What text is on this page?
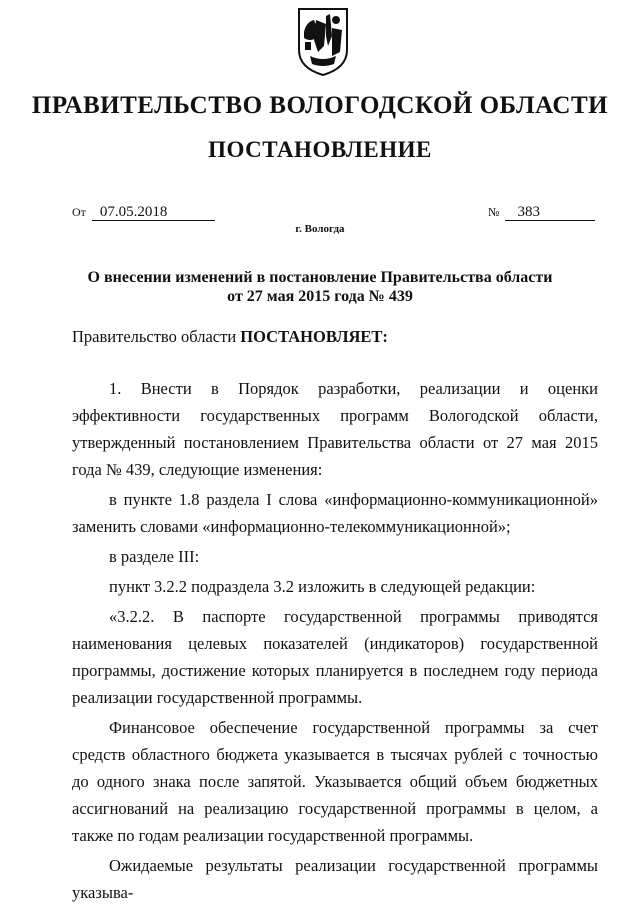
ПРАВИТЕЛЬСТВО ВОЛОГОДСКОЙ ОБЛАСТИ
ПОСТАНОВЛЕНИЕ
От 07.05.2018	№ 383
г. Вологда
О внесении изменений в постановление Правительства области
от 27 мая 2015 года № 439
Правительство области ПОСТАНОВЛЯЕТ:

1. Внести в Порядок разработки, реализации и оценки эффективности государственных программ Вологодской области, утвержденный постановлением Правительства области от 27 мая 2015 года № 439, следующие изменения:

в пункте 1.8 раздела I слова «информационно-коммуникационной» заменить словами «информационно-телекоммуникационной»;

в разделе III:

пункт 3.2.2 подраздела 3.2 изложить в следующей редакции:

«3.2.2. В паспорте государственной программы приводятся наименования целевых показателей (индикаторов) государственной программы, достижение которых планируется в последнем году периода реализации государственной программы.

Финансовое обеспечение государственной программы за счет средств областного бюджета указывается в тысячах рублей с точностью до одного знака после запятой. Указывается общий объем бюджетных ассигнований на реализацию государственной программы в целом, а также по годам реализации государственной программы.

Ожидаемые результаты реализации государственной программы указыва-
